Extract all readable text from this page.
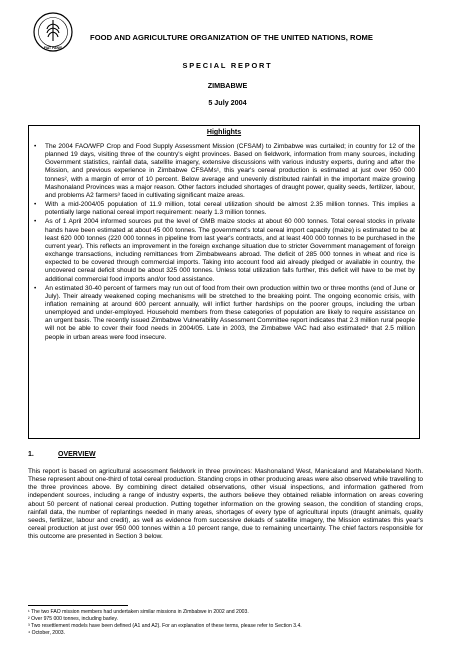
FIAT PANIS
FOOD AND AGRICULTURE ORGANIZATION OF THE UNITED NATIONS, ROME
SPECIAL REPORT
ZIMBABWE
5 July 2004
Highlights
• The 2004 FAO/WFP Crop and Food Supply Assessment Mission (CFSAM) to Zimbabwe was curtailed; in country for 12 of the planned 19 days, visiting three of the country's eight provinces. Based on fieldwork, information from many sources, including Government statistics, rainfall data, satellite imagery, extensive discussions with various industry experts, during and after the Mission, and previous experience in Zimbabwe CFSAMs¹, this year's cereal production is estimated at just over 950 000 tonnes², with a margin of error of 10 percent. Below average and unevenly distributed rainfall in the important maize growing Mashonaland Provinces was a major reason. Other factors included shortages of draught power, quality seeds, fertilizer, labour, and problems A2 farmers³ faced in cultivating significant maize areas.
• With a mid-2004/05 population of 11.9 million, total cereal utilization should be almost 2.35 million tonnes. This implies a potentially large national cereal import requirement: nearly 1.3 million tonnes.
• As of 1 April 2004 informed sources put the level of GMB maize stocks at about 60 000 tonnes. Total cereal stocks in private hands have been estimated at about 45 000 tonnes. The government's total cereal import capacity (maize) is estimated to be at least 620 000 tonnes (220 000 tonnes in pipeline from last year's contracts, and at least 400 000 tonnes to be purchased in the current year). This reflects an improvement in the foreign exchange situation due to stricter Government management of foreign exchange transactions, including remittances from Zimbabweans abroad. The deficit of 285 000 tonnes in wheat and rice is expected to be covered through commercial imports. Taking into account food aid already pledged or available in country, the uncovered cereal deficit should be about 325 000 tonnes. Unless total utilization falls further, this deficit will have to be met by additional commercial food imports and/or food assistance.
• An estimated 30-40 percent of farmers may run out of food from their own production within two or three months (end of June or July). Their already weakened coping mechanisms will be stretched to the breaking point. The ongoing economic crisis, with inflation remaining at around 600 percent annually, will inflict further hardships on the poorer groups, including the urban unemployed and under-employed. Household members from these categories of population are likely to require assistance on an urgent basis. The recently issued Zimbabwe Vulnerability Assessment Committee report indicates that 2.3 million rural people will not be able to cover their food needs in 2004/05. Late in 2003, the Zimbabwe VAC had also estimated⁴ that 2.5 million people in urban areas were food insecure.
1.	OVERVIEW
This report is based on agricultural assessment fieldwork in three provinces: Mashonaland West, Manicaland and Matabeleland North. These represent about one-third of total cereal production. Standing crops in other producing areas were also observed while travelling to the three provinces above. By combining direct detailed observations, other visual inspections, and information gathered from independent sources, including a range of industry experts, the authors believe they obtained reliable information on areas covering about 50 percent of national cereal production. Putting together information on the growing season, the condition of standing crops, rainfall data, the number of replantings needed in many areas, shortages of every type of agricultural inputs (draught animals, quality seeds, fertilizer, labour and credit), as well as evidence from successive dekads of satellite imagery, the Mission estimates this year's cereal production at just over 950 000 tonnes within a 10 percent range, due to remaining uncertainty. The chief factors responsible for this outcome are presented in Section 3 below.
¹ The two FAO mission members had undertaken similar missions in Zimbabwe in 2002 and 2003.
² Over 975 000 tonnes, including barley.
³ Two resettlement models have been defined (A1 and A2). For an explanation of these terms, please refer to Section 3.4.
⁴ October, 2003.
